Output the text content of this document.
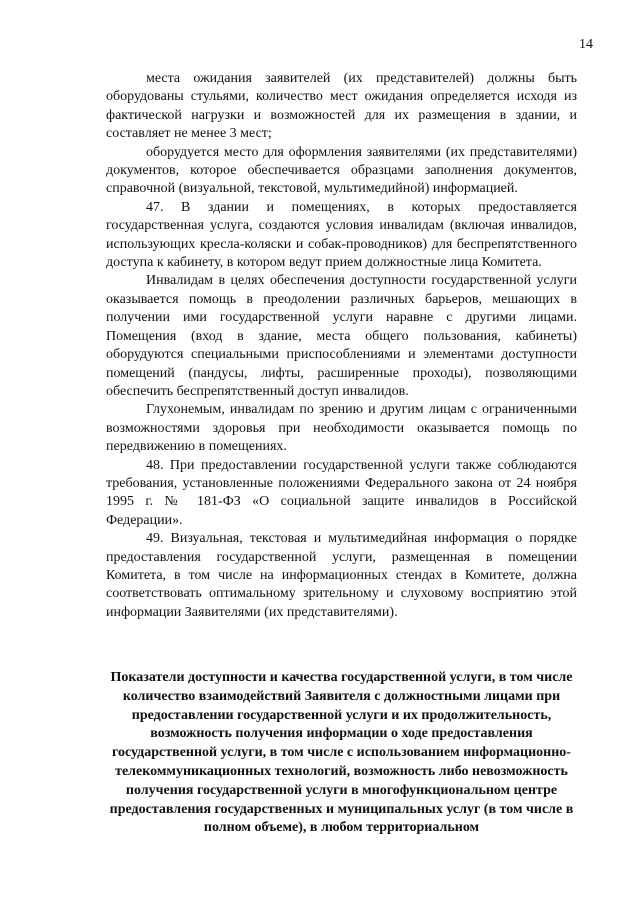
14

места ожидания заявителей (их представителей) должны быть оборудованы стульями, количество мест ожидания определяется исходя из фактической нагрузки и возможностей для их размещения в здании, и составляет не менее 3 мест;

оборудуется место для оформления заявителями (их представителями) документов, которое обеспечивается образцами заполнения документов, справочной (визуальной, текстовой, мультимедийной) информацией.

47. В здании и помещениях, в которых предоставляется государственная услуга, создаются условия инвалидам (включая инвалидов, использующих кресла-коляски и собак-проводников) для беспрепятственного доступа к кабинету, в котором ведут прием должностные лица Комитета.

Инвалидам в целях обеспечения доступности государственной услуги оказывается помощь в преодолении различных барьеров, мешающих в получении ими государственной услуги наравне с другими лицами. Помещения (вход в здание, места общего пользования, кабинеты) оборудуются специальными приспособлениями и элементами доступности помещений (пандусы, лифты, расширенные проходы), позволяющими обеспечить беспрепятственный доступ инвалидов.

Глухонемым, инвалидам по зрению и другим лицам с ограниченными возможностями здоровья при необходимости оказывается помощь по передвижению в помещениях.

48. При предоставлении государственной услуги также соблюдаются требования, установленные положениями Федерального закона от 24 ноября 1995 г. № 181-ФЗ «О социальной защите инвалидов в Российской Федерации».

49. Визуальная, текстовая и мультимедийная информация о порядке предоставления государственной услуги, размещенная в помещении Комитета, в том числе на информационных стендах в Комитете, должна соответствовать оптимальному зрительному и слуховому восприятию этой информации Заявителями (их представителями).

Показатели доступности и качества государственной услуги, в том числе количество взаимодействий Заявителя с должностными лицами при предоставлении государственной услуги и их продолжительность, возможность получения информации о ходе предоставления государственной услуги, в том числе с использованием информационно-телекоммуникационных технологий, возможность либо невозможность получения государственной услуги в многофункциональном центре предоставления государственных и муниципальных услуг (в том числе в полном объеме), в любом территориальном
